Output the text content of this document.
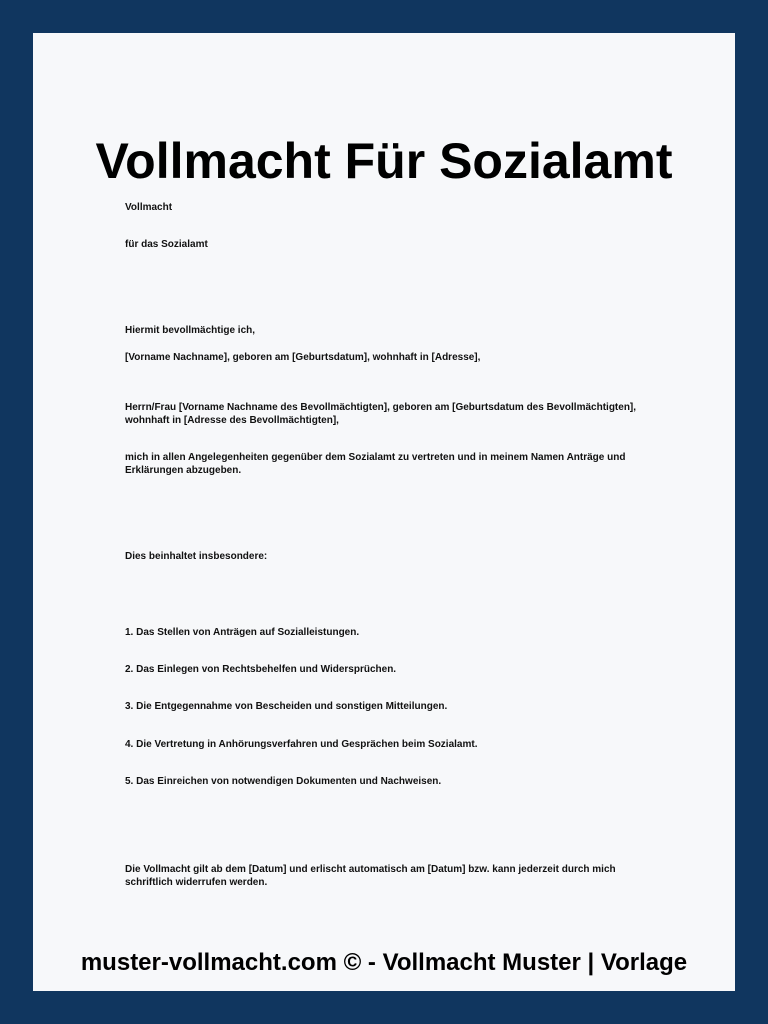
Vollmacht Für Sozialamt

Vollmacht

für das Sozialamt

Hiermit bevollmächtige ich,

[Vorname Nachname], geboren am [Geburtsdatum], wohnhaft in [Adresse],

Herrn/Frau [Vorname Nachname des Bevollmächtigten], geboren am [Geburtsdatum des Bevollmächtigten], wohnhaft in [Adresse des Bevollmächtigten],

mich in allen Angelegenheiten gegenüber dem Sozialamt zu vertreten und in meinem Namen Anträge und Erklärungen abzugeben.

Dies beinhaltet insbesondere:

1. Das Stellen von Anträgen auf Sozialleistungen.

2. Das Einlegen von Rechtsbehelfen und Widersprüchen.

3. Die Entgegennahme von Bescheiden und sonstigen Mitteilungen.

4. Die Vertretung in Anhörungsverfahren und Gesprächen beim Sozialamt.

5. Das Einreichen von notwendigen Dokumenten und Nachweisen.

Die Vollmacht gilt ab dem [Datum] und erlischt automatisch am [Datum] bzw. kann jederzeit durch mich schriftlich widerrufen werden.

muster-vollmacht.com © - Vollmacht Muster | Vorlage
